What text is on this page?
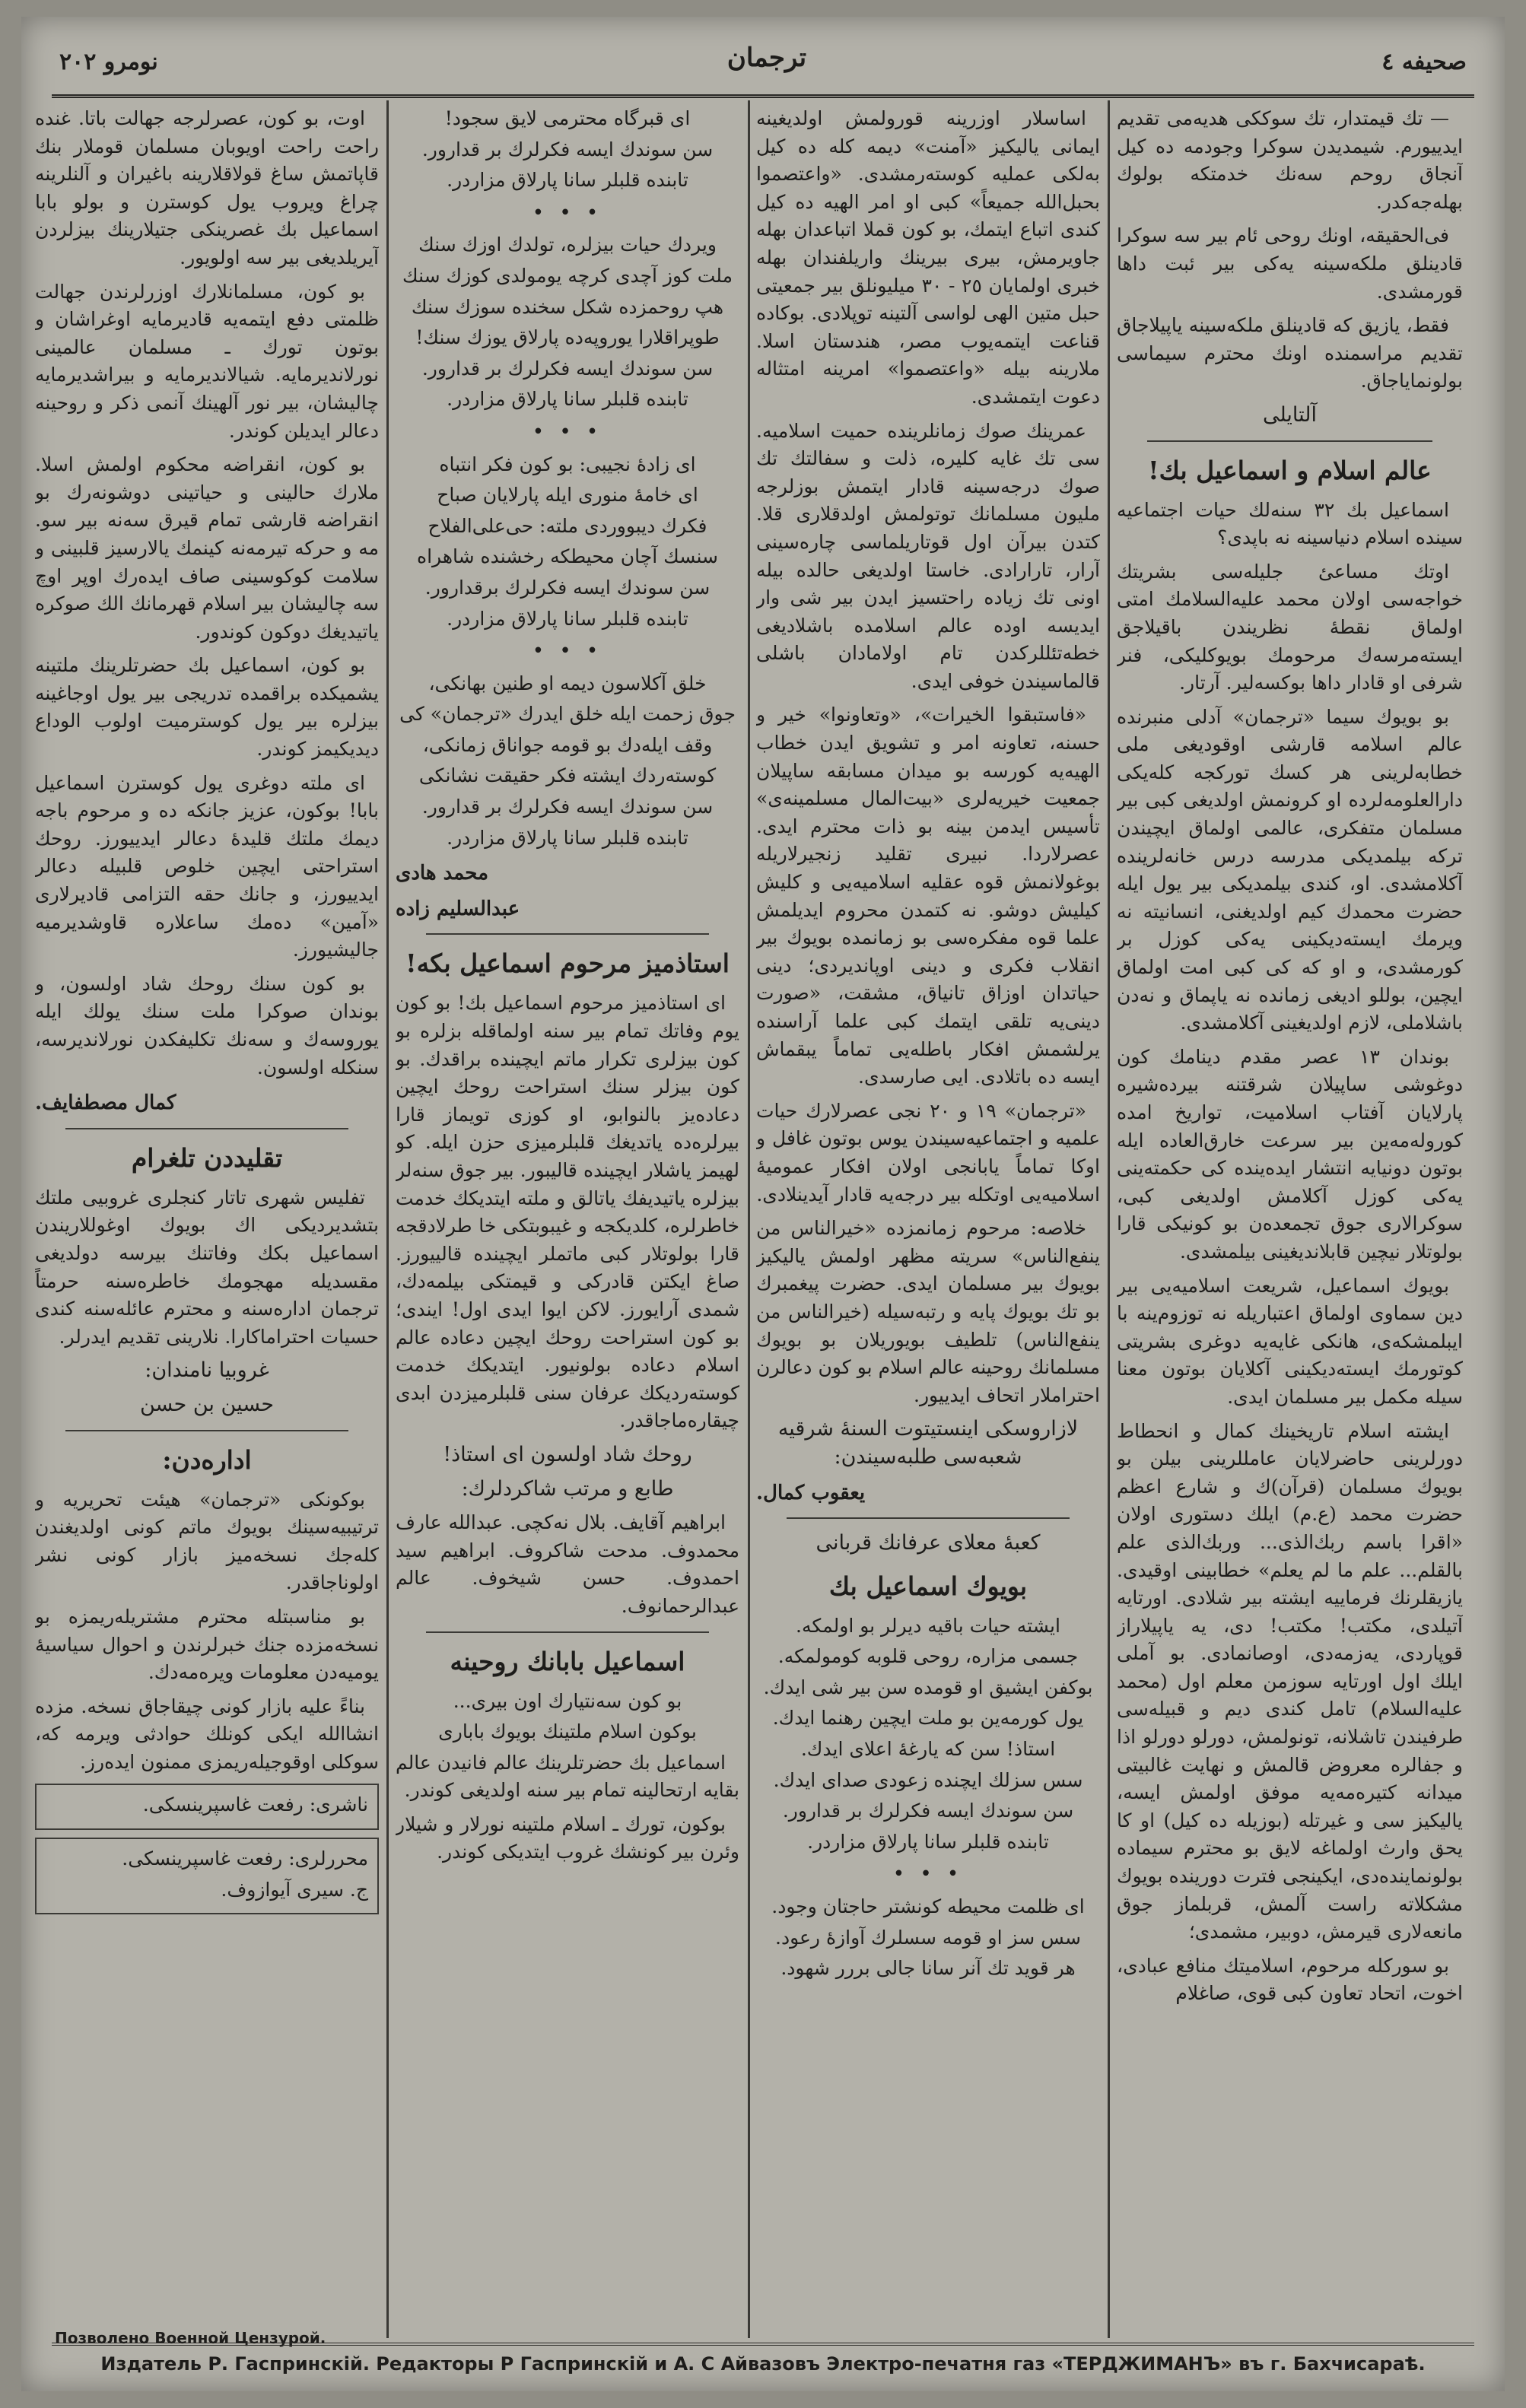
صحیفه ٤
ترجمان
نومرو ٢٠٢

— تك قیمتدار، تك سوككی هدیه‌می تقدیم ایدییورم. شیمدیدن سوكرا وجودمه ده كیل آنجاق روحم سه‌نك خدمتكه بولوك بهله‌جه‌كدر.

فی‌الحقیقه، اونك روحی ئام بیر سه سوكرا قادینلق ملكه‌سینه یه‌كی بیر ئبت داها قورمشدی.

فقط، یازیق كه قادینلق ملكه‌سینه یاپیلاجاق تقدیم مراسمنده اونك محترم سیماسی بولونمایاجاق.

آلتایلی
عالم اسلام و اسماعیل بك!

اسماعیل بك ٣٢ سنه‌لك حیات اجتماعیه سینده اسلام دنیاسینه نه باپدی؟

اوتك مساعیٔ جلیله‌سی بشریتك خواجه‌سی اولان محمد علیه‌السلامك امتی اولماق نقطهٔ نظریندن باقیلاجق ایسته‌مرسه‌ك مرحومك بویوكلیكی، فنر شرفی او قادار داها بوكسه‌لیر. آرتار.

بو بویوك سیما «ترجمان» آدلی منبرنده عالم اسلامه قارشی اوقودیغی ملی خطابه‌لرینی هر كسك توركجه كله‌یكی دارالعلومه‌لرده او كرونمش اولدیغی كبی بیر مسلمان متفكری، عالمی اولماق ایچیندن تركه بیلمدیكی مدرسه درس خانه‌لرینده آكلامشدی. او، كندی بیلمدیكی بیر یول ایله حضرت محمدك كیم اولدیغنی، انسانیته نه ویرمك ایسته‌دیكینی یه‌كی كوزل بر كورمشدی، و او كه كی كبی امت اولماق ایچین، بوللو ادیغی زمانده نه یاپماق و نه‌دن باشلاملی، لازم اولدیغینی آكلامشدی.

بوندان ١٣ عصر مقدم دینامك كون دوغوشی ساپیلان شرقتنه بیرده‌شیره پارلایان آفتاب اسلامیت، تواریخ امده كوروله‌مه‌ین بیر سرعت خارق‌العاده ایله بوتون دونیایه انتشار ایده‌ینده كی حكمته‌ینی یه‌كی كوزل آكلامش اولدیغی كبی، سوكرالاری جوق تجمعده‌ن بو كونیكی قارا بولوتلار نیچین قابلاندیغینی بیلمشدی.

بویوك اسماعیل، شریعت اسلامیه‌یی بیر دین سماوی اولماق اعتباریله نه توزوم‌ینه با ایبلمشكه‌ی، هانكی غایه‌یه دوغری بشریتی كوتورمك ایسته‌دیكینی آكلایان بوتون معنا سیله مكمل بیر مسلمان ایدی.

ایشته اسلام تاریخینك كمال و انحطاط دورلرینی حاضرلایان عامللرینی بیلن بو بویوك مسلمان (قرآن)ك و شارع اعظم حضرت محمد (ع.م) ایلك دستوری اولان «اقرا باسم ربك‌الذی... وربك‌الذی علم بالقلم... علم ما لم یعلم» خطابینی اوقیدی. یازیقلرنك فرماییه ایشته بیر شلادی. اورتایه آتیلدی، مكتب! مكتب! دی، یه یاپیلاراز قوپاردی، یه‌زمه‌دی، اوصانمادی. بو آملی ایلك اول اورتایه سوزمن معلم اول (محمد علیه‌السلام) تامل كندی دیم و قبیله‌سی طرفیندن تاشلانه، تونولمش، دورلو دورلو اذا و جفالره معروض قالمش و نهایت غالبیتی میدانه كتیره‌مه‌یه موفق اولمش ایسه، یالیكیز سی و غیرتله (بوزیله ده كیل) او كا یحق وارث اولماغه لایق بو محترم سیماده بولونماینده‌دی، ایكینجی فترت دورینده بویوك مشكلاته راست آلمش، قربلماز جوق مانعه‌لاری قیرمش، دوبیر، مشمدی؛

بو سوركله مرحوم، اسلامیتك منافع عبادی، اخوت، اتحاد تعاون كبی قوی، صاغلام

اساسلار اوزرینه قورولمش اولدیغینه ایمانی یالیكیز «آمنت» دیمه كله ده كیل به‌لكی عمليه كوسته‌رمشدی. «واعتصموا بحبل‌الله جمیعاً» كبی او امر الهیه ده كیل كندی اتباع ایتمك، بو كون قملا اتباعدان بهله جاویرمش، بیری بیرینك واریلفندان بهله خبری اولمایان ٢٥ - ٣٠ میلیونلق بیر جمعیتی حبل متین الهی لواسی آلتینه توپلادی. بوكاده قناعت ایتمه‌یوب مصر، هندستان اسلا. ملارینه بیله «واعتصموا» امرینه امتثاله دعوت ایتمشدی.

عمرینك صوك زمانلرینده حمیت اسلامیه. سی تك غایه كلیره، ذلت و سفالتك تك صوك درجه‌سینه قادار ایتمش بوزلرجه ملیون مسلمانك توتولمش اولدقلاری قلا. كتدن بیرآن اول قوتاریلماسی چاره‌سینی آرار، تارارادی. خاستا اولدیغی حالده بیله اونی تك زیاده راحتسیز ایدن بیر شی وار ایدیسه اوده عالم اسلامده باشلادیغی خطه‌تئللركدن تام اولامادان باشلی قالماسیندن خوفی ایدی.

«فاستبقوا الخیرات»، «وتعاونوا» خیر و حسنه، تعاونه امر و تشویق ایدن خطاب الهیه‌یه كورسه بو میدان مسابقه ساپیلان جمعیت خیریه‌لری «بیت‌المال مسلمینه‌ی» تأسیس ایدمن بینه بو ذات محترم ایدی. عصرلاردا. نبیری تقلید زنجیرلاریله بوغولانمش قوه عقلیه اسلامیه‌یی و كلیش كیلیش دوشو. نه كتمدن محروم ایدیلمش علما قوه مفكره‌سی بو زمانمده بویوك بیر انقلاب فكری و دینی اوپاندیردی؛ دینی حیاتدان اوزاق تانیاق، مشقت، «صورت دینی‌یه تلقی ایتمك كبی علما آراسنده یرلشمش افكار باطله‌یی تماماً یبقماش ایسه ده باتلادی. ایی صارسدی.

«ترجمان» ١٩ و ٢٠ نجی عصرلارك حیات علمیه و اجتماعیه‌سیندن یوس بوتون غافل و اوكا تماماً یابانجی اولان افكار عمومیهٔ اسلامیه‌یی اوتكله بیر درجه‌یه قادار آیدینلادی.

خلاصه: مرحوم زمانمزده «خیرالناس من ینفع‌الناس» سریته مظهر اولمش یالیكیز بویوك بیر مسلمان ایدی. حضرت پیغمبرك بو تك بویوك پایه و رتبه‌سیله (خیرالناس من ینفع‌الناس) تلطیف بویوریلان بو بویوك مسلمانك روحینه عالم اسلام بو كون دعالرن احتراملار اتحاف ایدییور.

لازاروسكی اینستیتوت السنهٔ شرقیه شعبه‌سی طلبه‌سیندن:
یعقوب كمال.
كعبهٔ معلای عرفانك قربانی
بویوك اسماعیل بك
ایشته حیات باقیه دیرلر بو اولمكه.
جسمی مزاره، روحی قلوبه كومولمكه.
بوكفن ایشیق او قومده سن بیر شی ایدك.
یول كورمه‌ین بو ملت ایچین رهنما ایدك.
استاذ! سن كه یارغهٔ اعلای ایدك.
سس سزلك ایچنده زعودی صدای ایدك.
سن سوندك ایسه فكرلرك بر قدارور.
تابنده قلبلر سانا پارلاق مزاردر.
• • •
ای ظلمت محیطه كونشتر حاجتان وجود.
سس سز او قومه سسلرك آوازهٔ رعود.
هر قوید تك آنر سانا جالی بررر شهود.
ای قبرگاه محترمی لایق سجود!
سن سوندك ایسه فكرلرك بر قدارور.
تابنده قلبلر سانا پارلاق مزاردر.
• • •
ویردك حیات بیزلره، تولدك اوزك سنك
ملت كوز آچدی كرچه یومولدی كوزك سنك
هپ روحمزده شكل سخنده سوزك سنك
طوپراقلارا یوروپه‌ده پارلاق یوزك سنك!
سن سوندك ایسه فكرلرك بر قدارور.
تابنده قلبلر سانا پارلاق مزاردر.
• • •
ای زادهٔ نجیبی: بو كون فكر انتباه
ای خامهٔ منوری ایله پارلایان صباح
فكرك دیبووردی ملته: حی‌علی‌الفلاح
سنسك آچان محیطكه رخشنده شاهراه
سن سوندك ایسه فكرلرك برقدارور.
تابنده قلبلر سانا پارلاق مزاردر.
• • •
خلق آكلاسون دیمه او طنین بهانكی،
جوق زحمت ایله خلق ایدرك «ترجمان» كی
وقف ایله‌دك بو قومه جواناق زمانكی،
كوسته‌ردك ایشته فكر حقیقت نشانكی
سن سوندك ایسه فكرلرك بر قدارور.
تابنده قلبلر سانا پارلاق مزاردر.
محمد هادی
عبدالسلیم زاده
استاذمیز مرحوم اسماعیل بكه!

ای استاذمیز مرحوم اسماعیل بك! بو كون یوم وفاتك تمام بیر سنه اولماقله بزلره بو كون بیزلری تكرار ماتم ایچینده براقدك. بو كون بیزلر سنك استراحت روحك ایچین دعاده‌یز بالنوابو، او كوزی تویماز قارا بیرلره‌ده یاتدیغك قلبلرمیزی حزن ایله. كو لهیمز یاشلار ایچینده قالیبور. بیر جوق سنه‌لر بیزلره یاتیدیفك یاتالق و ملته ایتدیكك خدمت خاطرلره، كلدیكجه و غیبوبتكی خا طرلادقجه قارا بولوتلار كبی ماتملر ایچینده قالییورز. صاغ ایكتن قادركی و قیمتكی بیلمه‌دك، شمدی آرایورز. لاكن ایوا ایدی اول! ایندی؛ بو كون استراحت روحك ایچین دعاده عالم اسلام دعاده بولونیور. ایتدیكك خدمت كوسته‌ردیكك عرفان سنی قلبلرمیزدن ابدی چیقاره‌ماجاقدر.

روحك شاد اولسون ای استاذ!
طابع و مرتب شاكردلرك:

ابراهیم آقایف. بلال نه‌كچی. عبدالله عارف محمدوف. مدحت شاكروف. ابراهیم سید احمدوف. حسن شیخوف. عالم عبدالرحمانوف.

اسماعیل بابانك روحینه
بو كون سه‌نتیارك اون بیری...
بوكون اسلام ملتینك بویوك باباری

اسماعیل بك حضرتلرینك عالم فانیدن عالم بقایه ارتحالینه تمام بیر سنه اولدیغی كوندر.

بوكون، تورك ـ اسلام ملتینه نورلار و شیلار وئرن بیر كونشك غروب ایتدیكی كوندر.

اوت، بو كون، عصرلرجه جهالت باتا. غنده راحت راحت اویوبان مسلمان قوملار بنك قاپاتمش ساغ قولاقلارینه باغیران و آلنلرینه چراغ ویروب یول كوسترن و بولو بابا اسماعیل بك غصرینكی جتیلارینك بیزلردن آیریلدیغی بیر سه اولویور.

بو كون، مسلمانلارك اوزرلرندن جهالت ظلمتی دفع ایتمه‌یه قادیرمایه اوغراشان و بوتون تورك ـ مسلمان عالمینی نورلاندیرمایه. شیالاندیرمایه و بیراشدیرمایه چالیشان، بیر نور آلهینك آنمی ذكر و روحینه دعالر ایدیلن كوندر.

بو كون، انقراضه محكوم اولمش اسلا. ملارك حالینی و حیاتینی دوشونه‌رك بو انقراضه قارشی تمام قیرق سه‌نه بیر سو. مه و حركه تیرمه‌نه كینمك یالارسیز قلبینی و سلامت كوكوسینی صاف ایده‌رك اوپر اوچ سه چالیشان بیر اسلام قهرمانك الك صوكره یاتیدیغك دوكون كوندور.

بو كون، اسماعیل بك حضرتلرینك ملتینه یشمیكده براقمده تدریجی بیر یول اوجاغینه بیزلره بیر یول كوسترمیت اولوب الوداع دیدیكیمز كوندر.

ای ملته دوغری یول كوسترن اسماعیل بابا! بوكون، عزیز جانكه ده و مرحوم باجه دیمك ملتك قلیدهٔ دعالر ایدییورز. روحك استراحتی ایچین خلوص قلبیله دعالر ایدییورز، و جانك حقه التزامی قادیرلاری «آمین» ده‌مك ساعلاره قاوشدیرمیه جالیشیورز.

بو كون سنك روحك شاد اولسون، و بوندان صوكرا ملت سنك یولك ایله یوروسه‌ك و سه‌نك تكلیفكدن نورلاندیرسه، سنكله اولسون.

كمال مصطفایف.
تقلیددن تلغرام

تفلیس شهری تاتار كنجلری غروبیی ملتك بتشدیردیكی اك بویوك اوغوللاریندن اسماعیل بكك وفاتنك بیرسه دولدیغی مقسدیله مهجومك خاطره‌سنه حرمتاً ترجمان اداره‌سنه و محترم عائله‌سنه كندی حسیات احتراماكارا. نلارینی تقدیم ایدرلر.

غروبیا نامندان:
حسین بن حسن
اداره‌دن:

بوكونكی «ترجمان» هیئت تحریریه و ترتیبیه‌سینك بویوك ماتم كونی اولدیغندن كله‌جك نسخه‌میز بازار كونی نشر اولوناجاقدر.

بو مناسبتله محترم مشتریله‌ریمزه بو نسخه‌مزده جنك خبرلرندن و احوال سیاسیهٔ یومیه‌دن معلومات ویره‌مه‌دك.

بناءً علیه بازار كونی چیقاجاق نسخه. مزده انشاالله ایكی كونلك حوادثی ویرمه كه، سوكلی اوقوجیله‌ریمزی ممنون ایده‌رز.

ناشری: رفعت غاسپرینسكی.
محررلری: رفعت غاسپرینسكی.
ج. سیری آیوازوف.
Позволено Военной Цензурой.
Издатель Р. Гаспринскій. Редакторы Р Гаспринскій и А. С Айвазовъ Электро-печатня газ «ТЕРДЖИМАНЪ» въ г. Бахчисараѣ.
